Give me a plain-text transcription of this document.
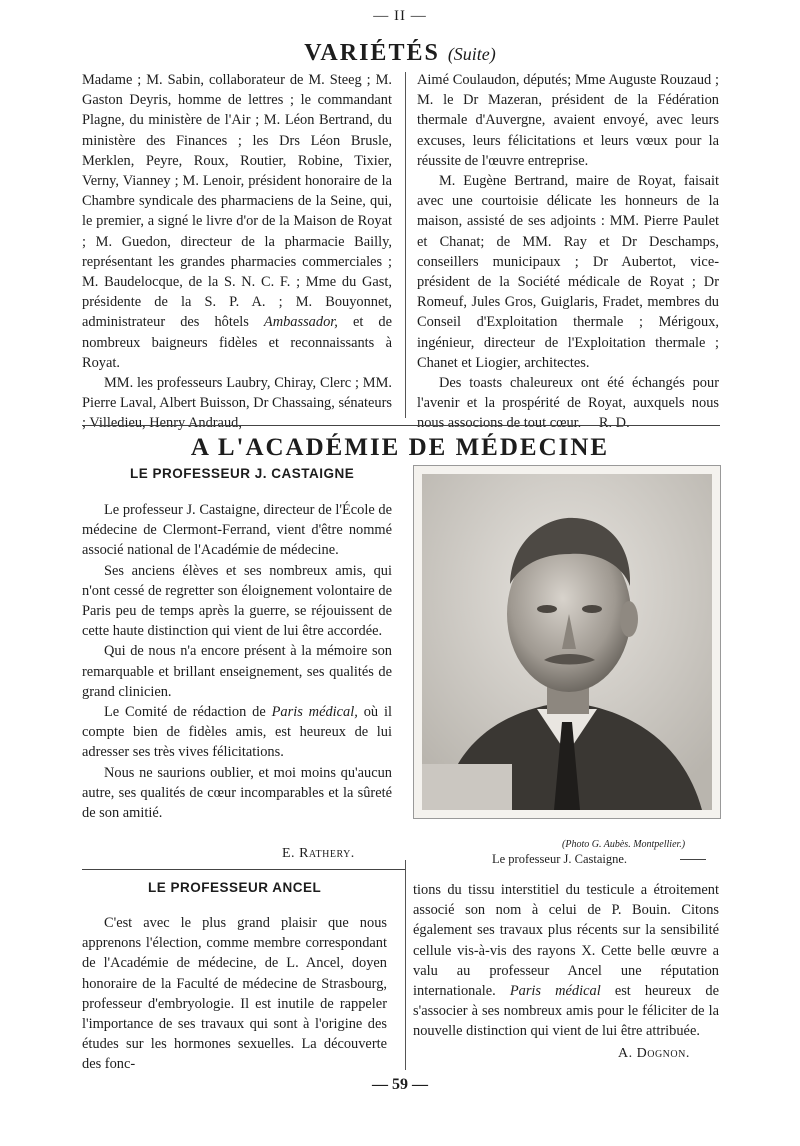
— II —
VARIÉTÉS (Suite)

Madame ; M. Sabin, collaborateur de M. Steeg ; M. Gaston Deyris, homme de lettres ; le commandant Plagne, du ministère de l'Air ; M. Léon Bertrand, du ministère des Finances ; les Drs Léon Brusle, Merklen, Peyre, Roux, Routier, Robine, Tixier, Verny, Vianney ; M. Lenoir, président honoraire de la Chambre syndicale des pharmaciens de la Seine, qui, le premier, a signé le livre d'or de la Maison de Royat ; M. Guedon, directeur de la pharmacie Bailly, représentant les grandes pharmacies commerciales ; M. Baudelocque, de la S. N. C. F. ; Mme du Gast, présidente de la S. P. A. ; M. Bouyonnet, administrateur des hôtels Ambassador, et de nombreux baigneurs fidèles et reconnaissants à Royat.

MM. les professeurs Laubry, Chiray, Clerc ; MM. Pierre Laval, Albert Buisson, Dr Chassaing, sénateurs ; Villedieu, Henry Andraud,

Aimé Coulaudon, députés; Mme Auguste Rouzaud ; M. le Dr Mazeran, président de la Fédération thermale d'Auvergne, avaient envoyé, avec leurs excuses, leurs félicitations et leurs vœux pour la réussite de l'œuvre entreprise.

M. Eugène Bertrand, maire de Royat, faisait avec une courtoisie délicate les honneurs de la maison, assisté de ses adjoints : MM. Pierre Paulet et Chanat; de MM. Ray et Dr Deschamps, conseillers municipaux ; Dr Aubertot, vice-président de la Société médicale de Royat ; Dr Romeuf, Jules Gros, Guiglaris, Fradet, membres du Conseil d'Exploitation thermale ; Mérigoux, ingénieur, directeur de l'Exploitation thermale ; Chanet et Liogier, architectes.

Des toasts chaleureux ont été échangés pour l'avenir et la prospérité de Royat, auxquels nous nous associons de tout cœur. R. D.

A L'ACADÉMIE DE MÉDECINE
LE PROFESSEUR J. CASTAIGNE

Le professeur J. Castaigne, directeur de l'École de médecine de Clermont-Ferrand, vient d'être nommé associé national de l'Académie de médecine.

Ses anciens élèves et ses nombreux amis, qui n'ont cessé de regretter son éloignement volontaire de Paris peu de temps après la guerre, se réjouissent de cette haute distinction qui vient de lui être accordée.

Qui de nous n'a encore présent à la mémoire son remarquable et brillant enseignement, ses qualités de grand clinicien.

Le Comité de rédaction de Paris médical, où il compte bien de fidèles amis, est heureux de lui adresser ses très vives félicitations.

Nous ne saurions oublier, et moi moins qu'aucun autre, ses qualités de cœur incomparables et la sûreté de son amitié.

E. Rathery.
(Photo G. Aubès. Montpellier.)
Le professeur J. Castaigne.
LE PROFESSEUR ANCEL

C'est avec le plus grand plaisir que nous apprenons l'élection, comme membre correspondant de l'Académie de médecine, de L. Ancel, doyen honoraire de la Faculté de médecine de Strasbourg, professeur d'embryologie. Il est inutile de rappeler l'importance de ses travaux qui sont à l'origine des études sur les hormones sexuelles. La découverte des fonc-

tions du tissu interstitiel du testicule a étroitement associé son nom à celui de P. Bouin. Citons également ses travaux plus récents sur la sensibilité cellule vis-à-vis des rayons X. Cette belle œuvre a valu au professeur Ancel une réputation internationale. Paris médical est heureux de s'associer à ses nombreux amis pour le féliciter de la nouvelle distinction qui vient de lui être attribuée.

A. Dognon.
— 59 —
